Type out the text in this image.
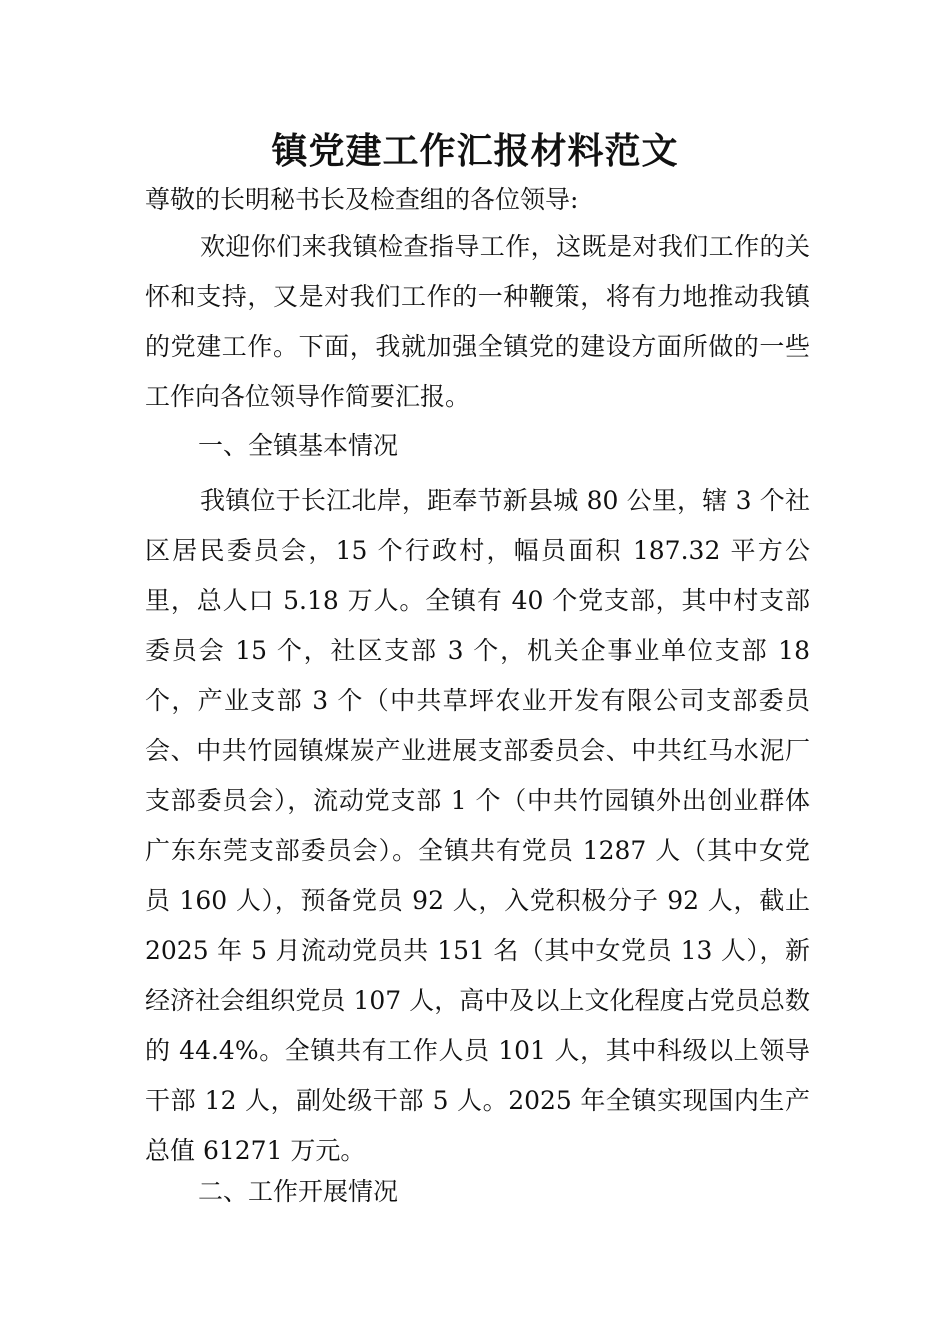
镇党建工作汇报材料范文
尊敬的长明秘书长及检查组的各位领导:
欢迎你们来我镇检查指导工作，这既是对我们工作的关怀和支持，又是对我们工作的一种鞭策，将有力地推动我镇的党建工作。下面，我就加强全镇党的建设方面所做的一些工作向各位领导作简要汇报。
一、全镇基本情况
我镇位于长江北岸，距奉节新县城 80 公里，辖 3 个社区居民委员会，15 个行政村，幅员面积 187.32 平方公里，总人口 5.18 万人。全镇有 40 个党支部，其中村支部委员会 15 个，社区支部 3 个，机关企事业单位支部 18 个，产业支部 3 个（中共草坪农业开发有限公司支部委员会、中共竹园镇煤炭产业进展支部委员会、中共红马水泥厂支部委员会），流动党支部 1 个（中共竹园镇外出创业群体广东东莞支部委员会）。全镇共有党员 1287 人（其中女党员 160 人），预备党员 92 人，入党积极分子 92 人，截止 2025 年 5 月流动党员共 151 名（其中女党员 13 人），新经济社会组织党员 107 人，高中及以上文化程度占党员总数的 44.4%。全镇共有工作人员 101 人，其中科级以上领导干部 12 人，副处级干部 5 人。2025 年全镇实现国内生产总值 61271 万元。
二、工作开展情况
